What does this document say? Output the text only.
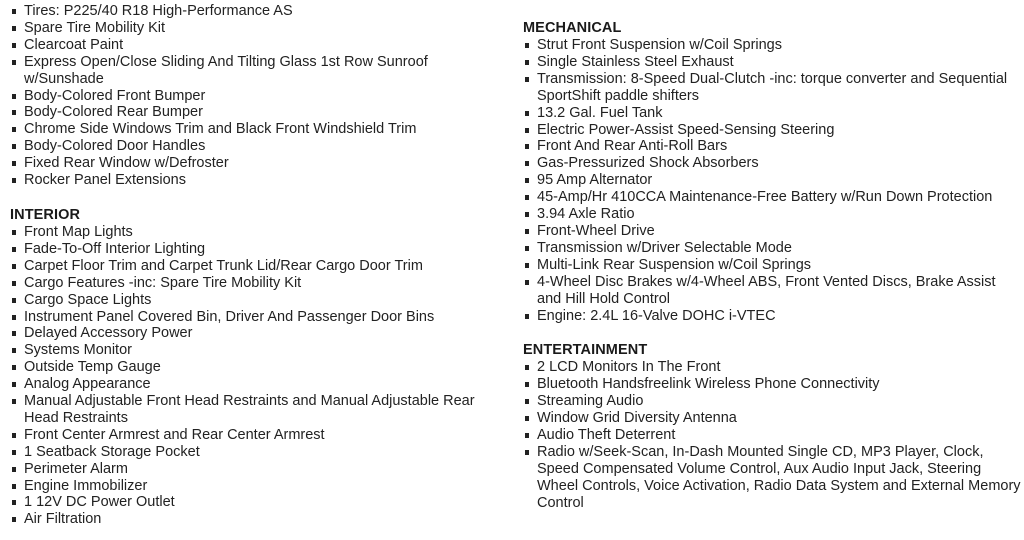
Tires: P225/40 R18 High-Performance AS
Spare Tire Mobility Kit
Clearcoat Paint
Express Open/Close Sliding And Tilting Glass 1st Row Sunroof w/Sunshade
Body-Colored Front Bumper
Body-Colored Rear Bumper
Chrome Side Windows Trim and Black Front Windshield Trim
Body-Colored Door Handles
Fixed Rear Window w/Defroster
Rocker Panel Extensions
INTERIOR
Front Map Lights
Fade-To-Off Interior Lighting
Carpet Floor Trim and Carpet Trunk Lid/Rear Cargo Door Trim
Cargo Features -inc: Spare Tire Mobility Kit
Cargo Space Lights
Instrument Panel Covered Bin, Driver And Passenger Door Bins
Delayed Accessory Power
Systems Monitor
Outside Temp Gauge
Analog Appearance
Manual Adjustable Front Head Restraints and Manual Adjustable Rear Head Restraints
Front Center Armrest and Rear Center Armrest
1 Seatback Storage Pocket
Perimeter Alarm
Engine Immobilizer
1 12V DC Power Outlet
Air Filtration
MECHANICAL
Strut Front Suspension w/Coil Springs
Single Stainless Steel Exhaust
Transmission: 8-Speed Dual-Clutch -inc: torque converter and Sequential SportShift paddle shifters
13.2 Gal. Fuel Tank
Electric Power-Assist Speed-Sensing Steering
Front And Rear Anti-Roll Bars
Gas-Pressurized Shock Absorbers
95 Amp Alternator
45-Amp/Hr 410CCA Maintenance-Free Battery w/Run Down Protection
3.94 Axle Ratio
Front-Wheel Drive
Transmission w/Driver Selectable Mode
Multi-Link Rear Suspension w/Coil Springs
4-Wheel Disc Brakes w/4-Wheel ABS, Front Vented Discs, Brake Assist and Hill Hold Control
Engine: 2.4L 16-Valve DOHC i-VTEC
ENTERTAINMENT
2 LCD Monitors In The Front
Bluetooth Handsfreelink Wireless Phone Connectivity
Streaming Audio
Window Grid Diversity Antenna
Audio Theft Deterrent
Radio w/Seek-Scan, In-Dash Mounted Single CD, MP3 Player, Clock, Speed Compensated Volume Control, Aux Audio Input Jack, Steering Wheel Controls, Voice Activation, Radio Data System and External Memory Control
